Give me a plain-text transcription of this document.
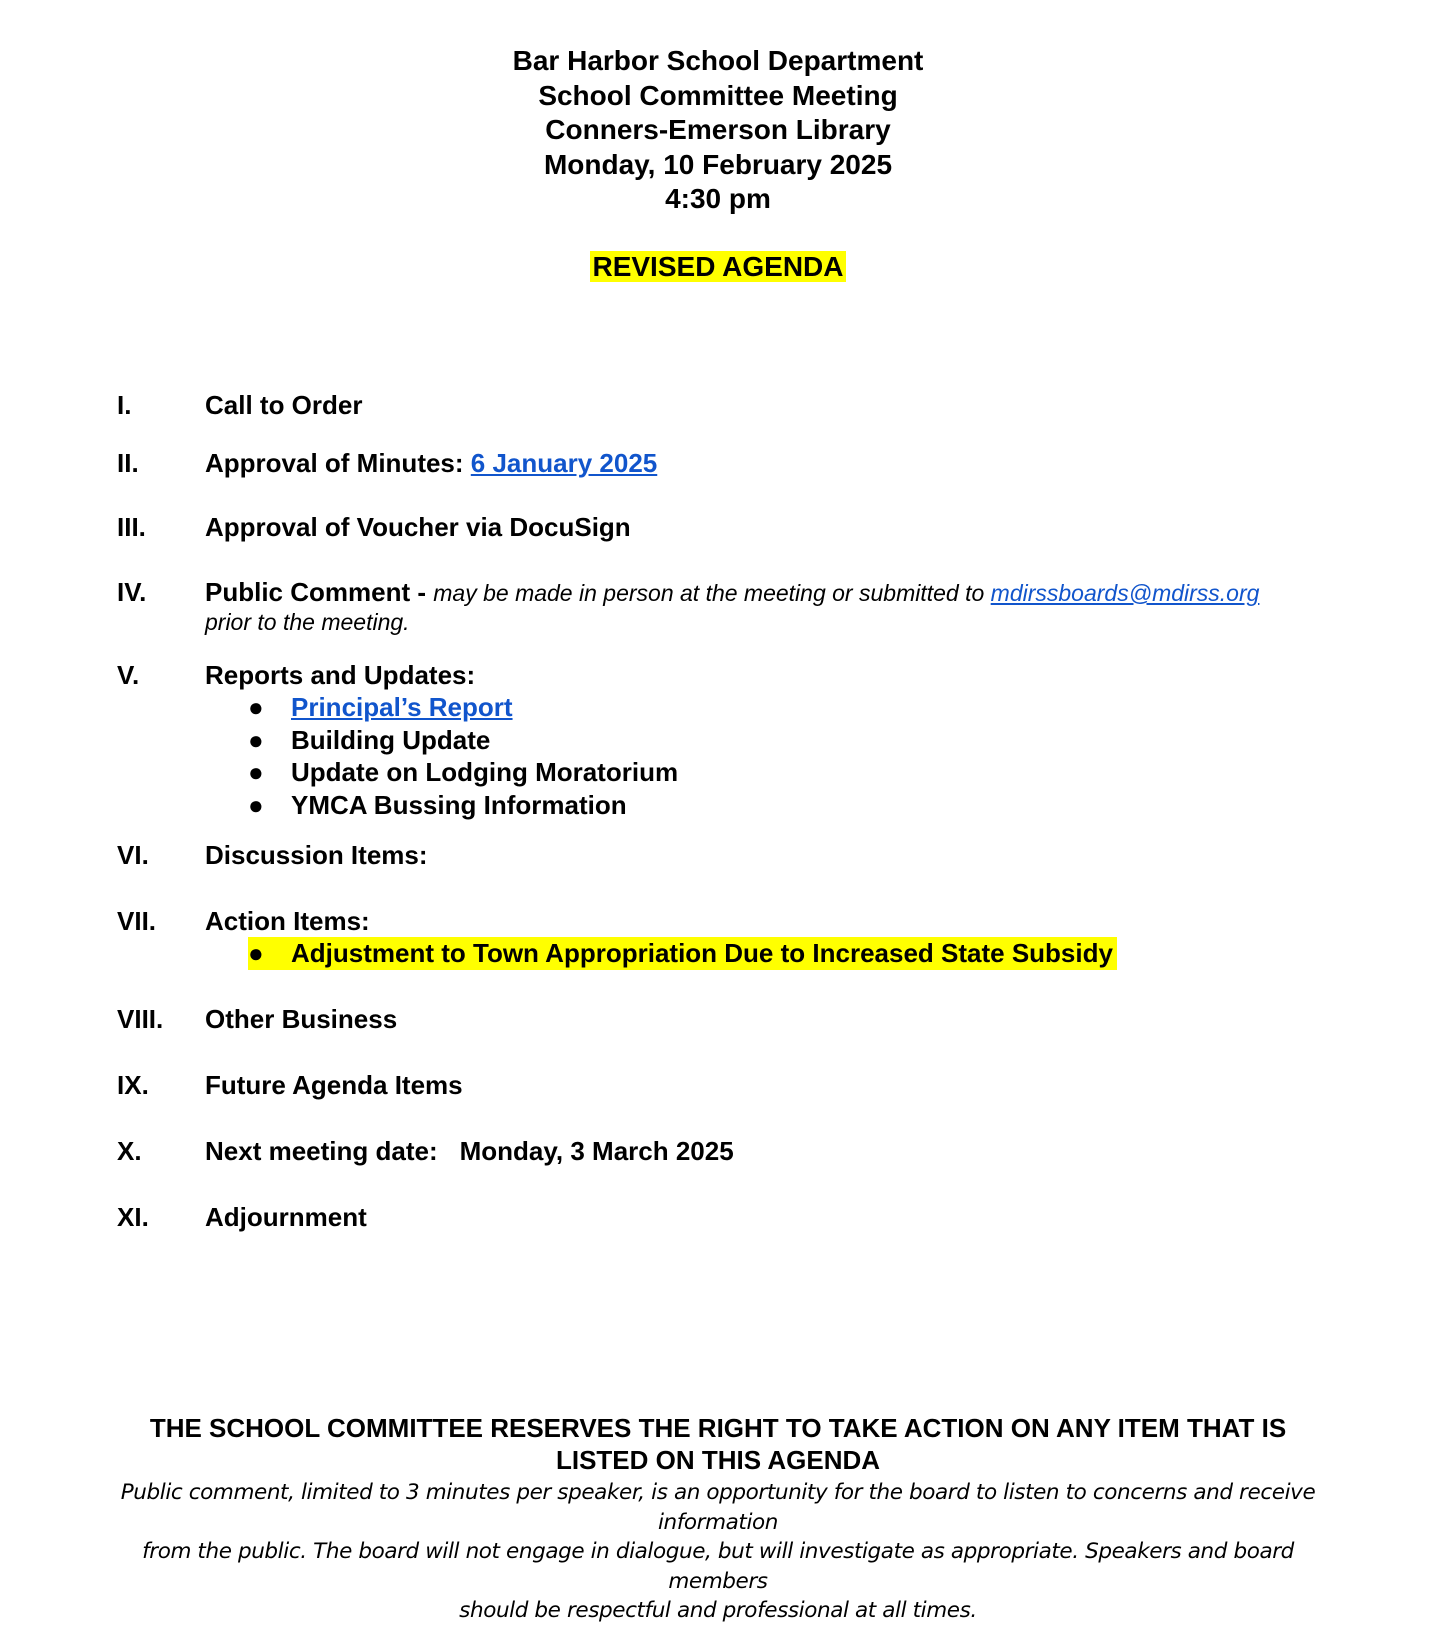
Bar Harbor School Department
School Committee Meeting
Conners-Emerson Library
Monday, 10 February 2025
4:30 pm
REVISED AGENDA
I.	Call to Order
II.	Approval of Minutes: 6 January 2025
III. Approval of Voucher via DocuSign
IV. Public Comment - may be made in person at the meeting or submitted to mdirssboards@mdirss.org
prior to the meeting.
V.	Reports and Updates:
● Principal’s Report
● Building Update
● Update on Lodging Moratorium
● YMCA Bussing Information
VI. Discussion Items:
VII. Action Items:
● Adjustment to Town Appropriation Due to Increased State Subsidy
VIII. Other Business
IX. Future Agenda Items
X. Next meeting date: Monday, 3 March 2025
XI. Adjournment
THE SCHOOL COMMITTEE RESERVES THE RIGHT TO TAKE ACTION ON ANY ITEM THAT IS
LISTED ON THIS AGENDA
Public comment, limited to 3 minutes per speaker, is an opportunity for the board to listen to concerns and receive information
from the public. The board will not engage in dialogue, but will investigate as appropriate. Speakers and board members
should be respectful and professional at all times.
